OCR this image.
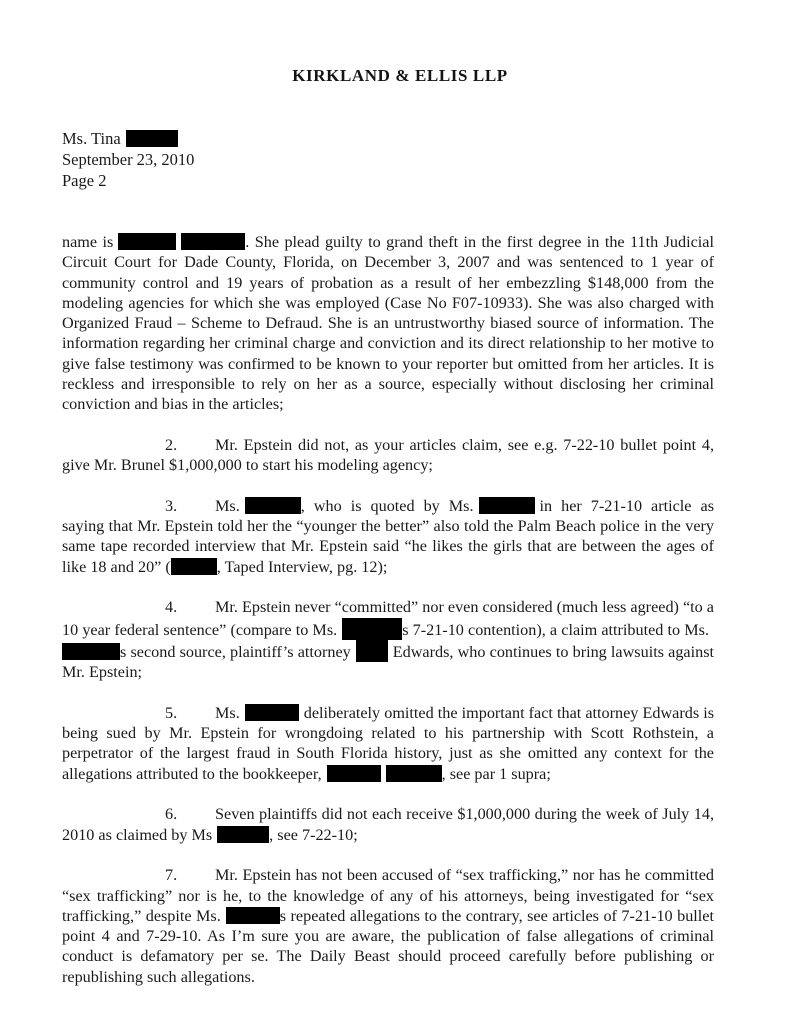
KIRKLAND & ELLIS LLP
Ms. Tina
September 23, 2010
Page 2

name is	. She plead guilty to grand theft in the first degree in the 11th Judicial Circuit Court for Dade County, Florida, on December 3, 2007 and was sentenced to 1 year of community control and 19 years of probation as a result of her embezzling $148,000 from the modeling agencies for which she was employed (Case No F07-10933). She was also charged with Organized Fraud – Scheme to Defraud. She is an untrustworthy biased source of information. The information regarding her criminal charge and conviction and its direct relationship to her motive to give false testimony was confirmed to be known to your reporter but omitted from her articles. It is reckless and irresponsible to rely on her as a source, especially without disclosing her criminal conviction and bias in the articles;

2. Mr. Epstein did not, as your articles claim, see e.g. 7-22-10 bullet point 4, give Mr. Brunel $1,000,000 to start his modeling agency;

3. Ms.	, who is quoted by Ms.	in her 7-21-10 article as saying that Mr. Epstein told her the “younger the better” also told the Palm Beach police in the very same tape recorded interview that Mr. Epstein said “he likes the girls that are between the ages of like 18 and 20” (	, Taped Interview, pg. 12);

4. Mr. Epstein never “committed” nor even considered (much less agreed) “to a 10 year federal sentence” (compare to Ms.	s 7-21-10 contention), a claim attributed to Ms.s second source, plaintiff’s attorney	Edwards, who continues to bring lawsuits against Mr. Epstein;

5. Ms.	deliberately omitted the important fact that attorney Edwards is being sued by Mr. Epstein for wrongdoing related to his partnership with Scott Rothstein, a perpetrator of the largest fraud in South Florida history, just as she omitted any context for the allegations attributed to the bookkeeper,	, see par 1 supra;

6. Seven plaintiffs did not each receive $1,000,000 during the week of July 14, 2010 as claimed by Ms	, see 7-22-10;

7. Mr. Epstein has not been accused of “sex trafficking,” nor has he committed “sex trafficking” nor is he, to the knowledge of any of his attorneys, being investigated for “sex trafficking,” despite Ms.	s repeated allegations to the contrary, see articles of 7-21-10 bullet point 4 and 7-29-10. As I’m sure you are aware, the publication of false allegations of criminal conduct is defamatory per se. The Daily Beast should proceed carefully before publishing or republishing such allegations.
